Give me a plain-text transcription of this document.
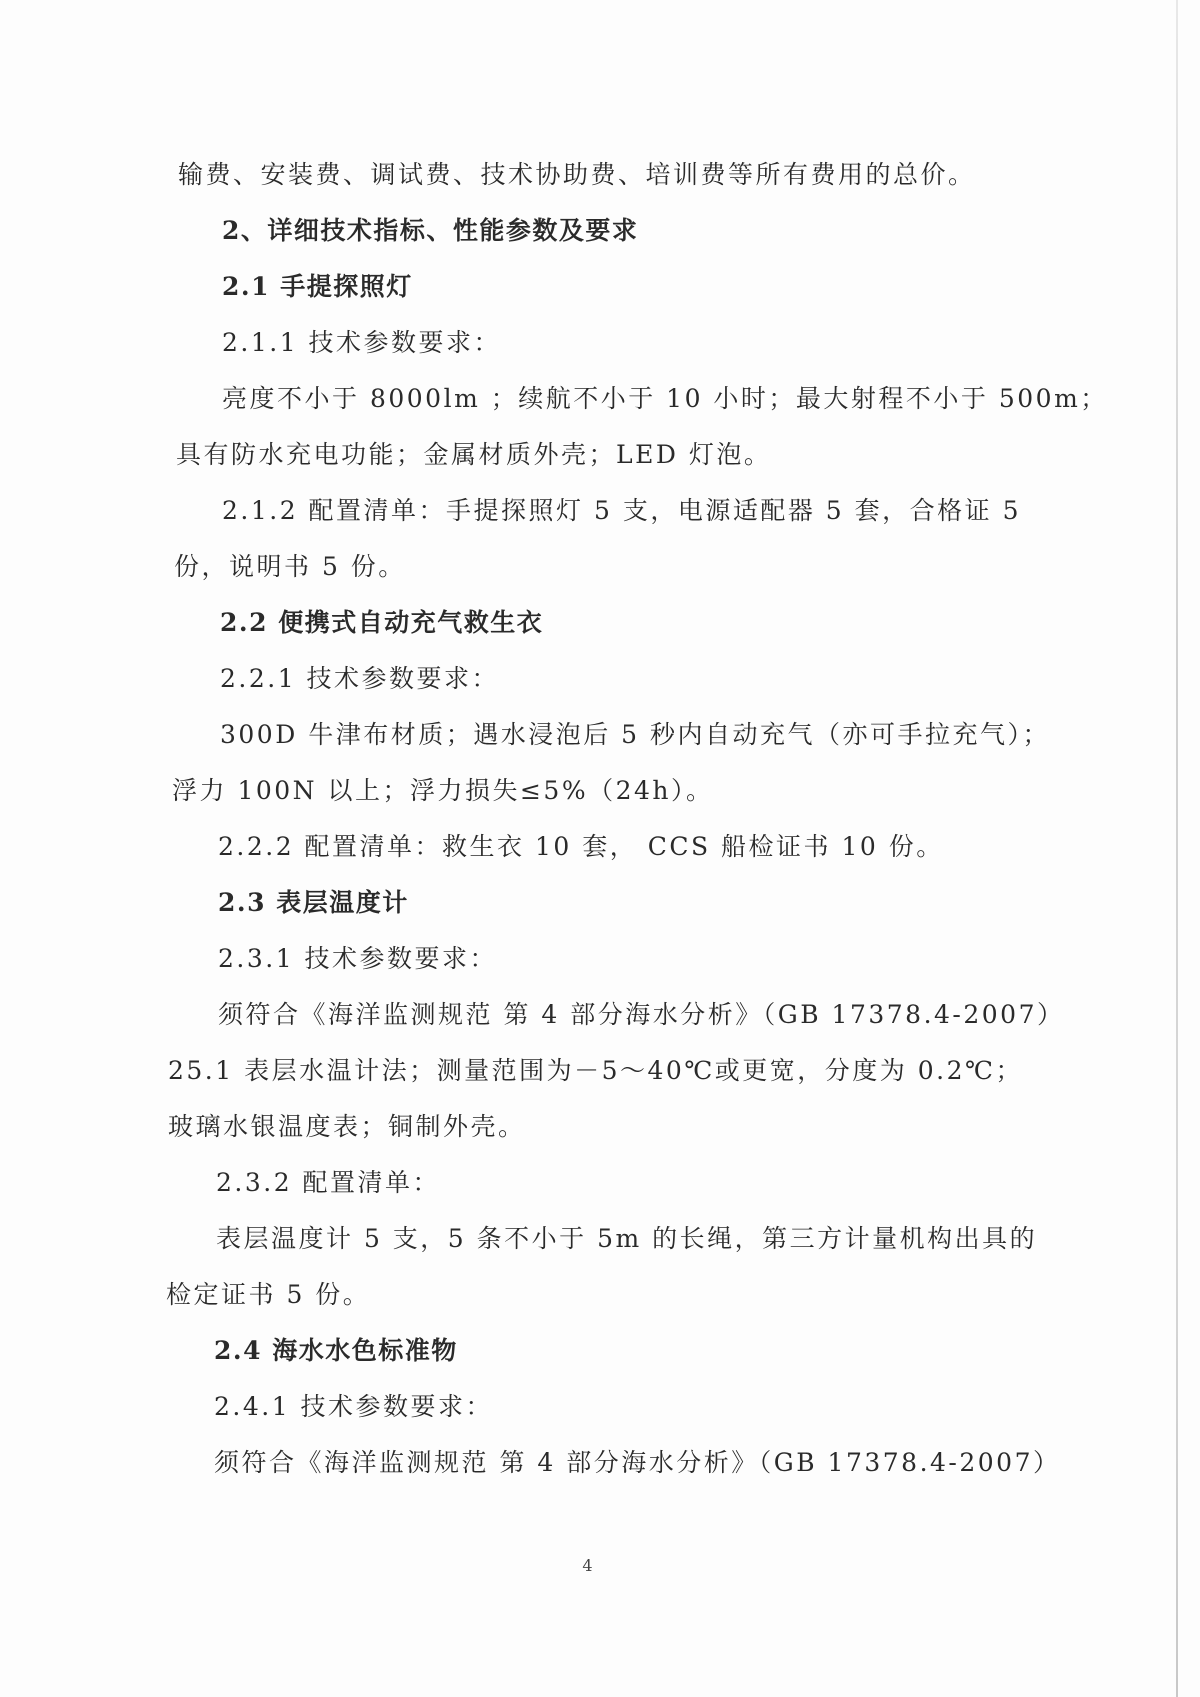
输费、安装费、调试费、技术协助费、培训费等所有费用的总价。
2、详细技术指标、性能参数及要求
2.1 手提探照灯
2.1.1 技术参数要求：
亮度不小于 8000lm ；续航不小于 10 小时；最大射程不小于 500m；
具有防水充电功能；金属材质外壳；LED 灯泡。
2.1.2 配置清单：手提探照灯 5 支，电源适配器 5 套，合格证 5
份，说明书 5 份。
2.2 便携式自动充气救生衣
2.2.1 技术参数要求：
300D 牛津布材质；遇水浸泡后 5 秒内自动充气（亦可手拉充气）；
浮力 100N 以上；浮力损失≤5%（24h）。
2.2.2 配置清单：救生衣 10 套， CCS 船检证书 10 份。
2.3 表层温度计
2.3.1 技术参数要求：
须符合《海洋监测规范 第 4 部分海水分析》（GB 17378.4-2007）
25.1 表层水温计法；测量范围为－5～40℃或更宽，分度为 0.2℃；
玻璃水银温度表；铜制外壳。
2.3.2 配置清单：
表层温度计 5 支，5 条不小于 5m 的长绳，第三方计量机构出具的
检定证书 5 份。
2.4 海水水色标准物
2.4.1 技术参数要求：
须符合《海洋监测规范 第 4 部分海水分析》（GB 17378.4-2007）
4
